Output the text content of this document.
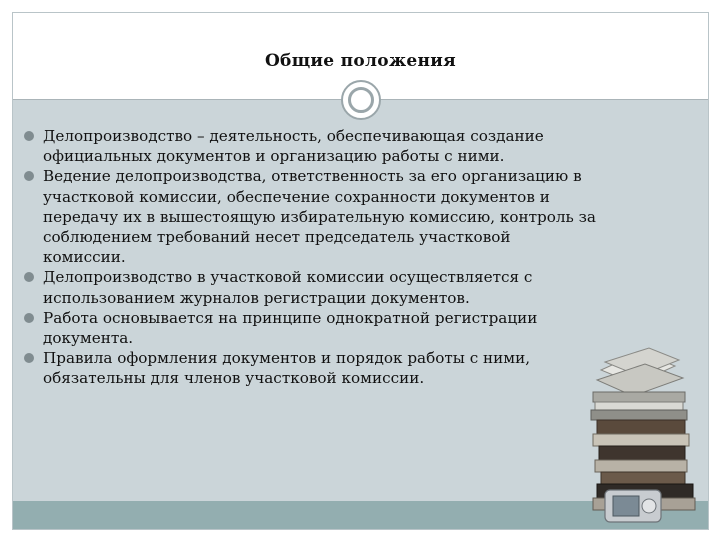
Общие положения
Делопроизводство – деятельность, обеспечивающая создание официальных документов и организацию работы с ними.
Ведение делопроизводства, ответственность за его организацию в участковой комиссии, обеспечение сохранности документов и передачу их в вышестоящую избирательную комиссию, контроль за соблюдением требований несет председатель участковой комиссии.
Делопроизводство в участковой комиссии осуществляется с использованием журналов регистрации документов.
Работа основывается на принципе однократной регистрации документа.
Правила оформления документов и порядок работы с ними, обязательны для членов участковой комиссии.
